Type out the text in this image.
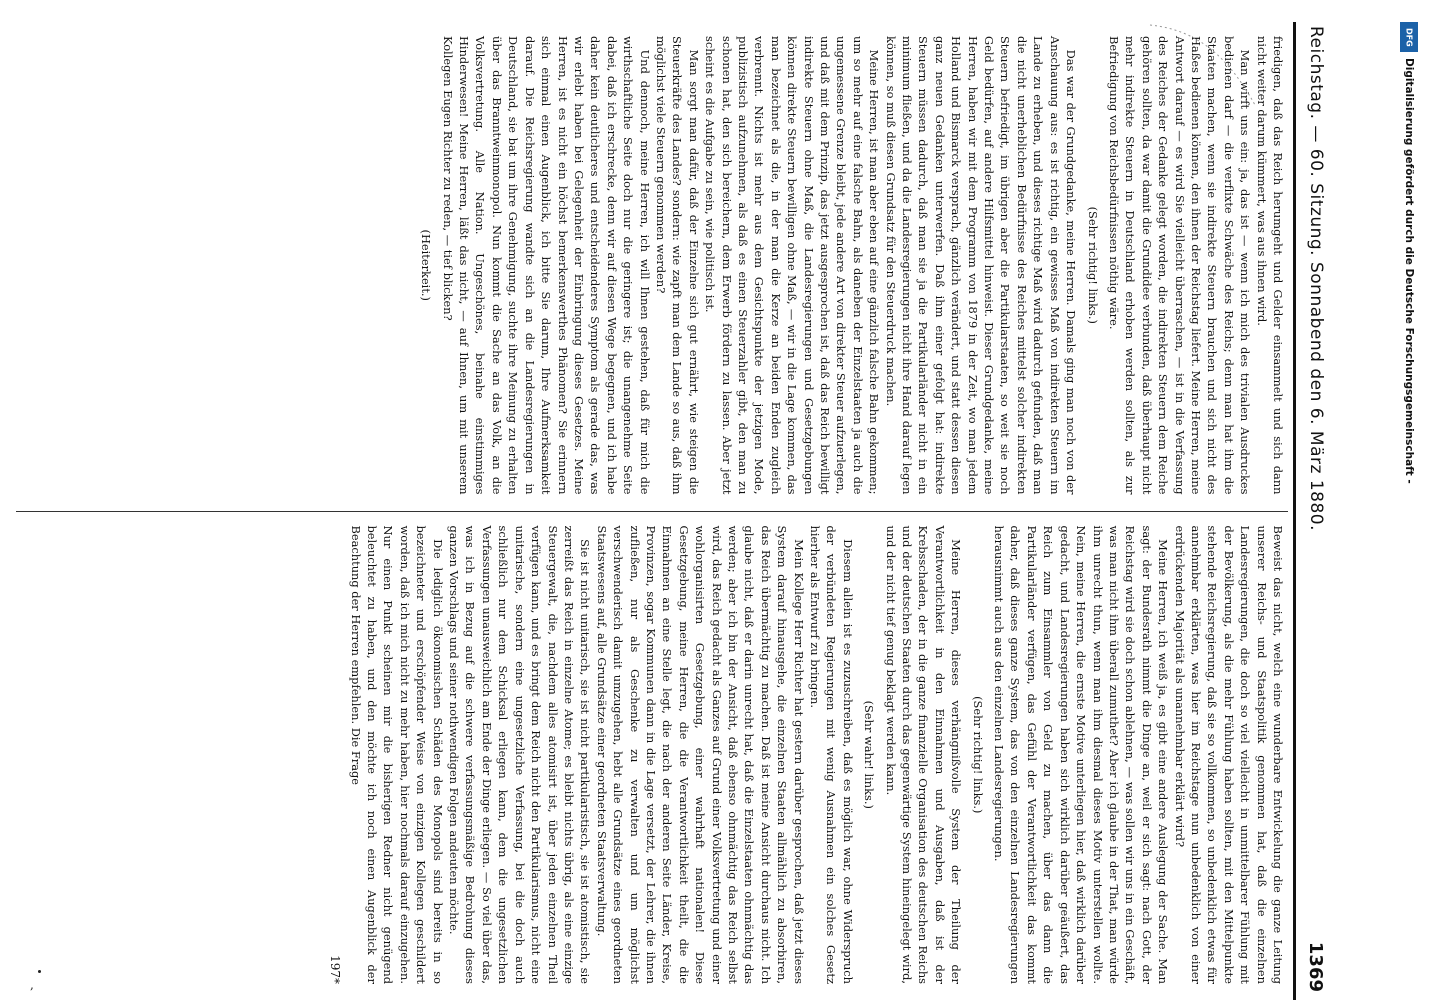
Reichstag. — 60. Sitzung. Sonnabend den 6. März 1880.
1369

friedigen, daß das Reich herumgeht und Gelder einsammelt und sich dann nicht weiter darum kümmert, was aus ihnen wird.

Man wirft uns ein: ja, das ist — wenn ich mich des trivialen Ausdruckes bedienen darf — die verflixte Schwäche des Reichs; denn man hat ihm die Staaten machen, wenn sie indirekte Steuern brauchen und sich nicht des Haßes bedienen können, den ihnen der Reichstag liefert. Meine Herren, meine Antwort darauf — es wird Sie vielleicht überraschen, — ist in die Verfassung des Reiches der Gedanke gelegt worden, die indirekten Steuern dem Reiche gehören sollten, da war damit die Grundidee verbunden, daß überhaupt nicht mehr indirekte Steuern in Deutschland erhoben werden sollten, als zur Befriedigung von Reichsbedürfnissen nöthig wäre.

(Sehr richtig! links.)

Das war der Grundgedanke, meine Herren. Damals ging man noch von der Anschauung aus: es ist richtig, ein gewisses Maß von indirekten Steuern im Lande zu erheben, und dieses richtige Maß wird dadurch gefunden, daß man die nicht unerheblichen Bedürfnisse des Reiches mittelst solcher indirekten Steuern befriedigt, im übrigen aber die Partikularstaaten, so weit sie noch Geld bedürfen, auf andere Hilfsmittel hinweist. Dieser Grundgedanke, meine Herren, haben wir mit dem Programm von 1879 in der Zeit, wo man jedem Holland und Bismarck versprach, gänzlich verändert, und statt dessen diesen ganz neuen Gedanken unterwerfen. Daß ihm einer gefolgt hat: indirekte Steuern müssen dadurch, daß man sie ja die Partikularländer nicht in ein minimum fließen, und da die Landesregierungen nicht ihre Hand darauf legen können, so muß diesen Grundsatz für den Steuerdruck machen.

Meine Herren, ist man aber eben auf eine gänzlich falsche Bahn gekommen; um so mehr auf eine falsche Bahn, als daneben der Einzelstaaten ja auch die ungemessene Grenze bleibt, jede andere Art von direkter Steuer aufzuerlegen, und daß mit dem Prinzip, das jetzt ausgesprochen ist, daß das Reich bewilligt indirekte Steuern ohne Maß, die Landesregierungen und Gesetzgebungen können direkte Steuern bewilligen ohne Maß, — wir in die Lage kommen, das man bezeichnet als die, in der man die Kerze an beiden Enden zugleich verbrennt. Nichts ist mehr aus dem Gesichtspunkte der jetzigen Mode, publizistisch aufzunehmen, als daß es einen Steuerzahler gibt, den man zu schonen hat, den sich bereichern, dem Erwerb fördern zu lassen. Aber jetzt scheint es die Aufgabe zu sein, wie politisch ist.

Man sorgt man dafür, daß der Einzelne sich gut ernährt, wie steigen die Steuerkräfte des Landes? sondern: wie zapft man dem Lande so aus, daß ihm möglichst viele Steuern genommen werden?

Und dennoch, meine Herren, ich will Ihnen gestehen, daß für mich die wirthschaftliche Seite doch nur die geringere ist; die unangenehme Seite dabei, daß ich erschrecke, denn wir auf diesen Wege begegnen, und ich habe daher kein deutlicheres und entscheidenderes Symptom als gerade das, was wir erlebt haben bei Gelegenheit der Einbringung dieses Gesetzes. Meine Herren, ist es nicht ein höchst bemerkenswerthes Phänomen? Sie erinnern sich einmal einen Augenblick, ich bitte Sie darum, Ihre Aufmerksamkeit darauf. Die Reichsregierung wandte sich an die Landesregierungen in Deutschland, sie bat um ihre Genehmigung, suchte ihre Meinung zu erhalten über das Branntweinmonopol. Nun kommt die Sache an das Volk, an die Volksvertretung. Alle Nation. Ungeschönes, beinahe einstimmiges Hinderwesen! Meine Herren, läßt das nicht, — auf Ihnen, um mit unserem Kollegen Eugen Richter zu reden, — tief blicken?

(Heiterkeit.)

Beweist das nicht, welch eine wunderbare Entwickelung die ganze Leitung unserer Reichs- und Staatspolitik genommen hat, daß die einzelnen Landesregierungen, die doch so viel vielleicht in unmittelbarer Fühlung mit der Bevölkerung, als die mehr Fühlung haben sollten, mit den Mittelpunkte stehende Reichsregierung, daß sie so vollkommen, so unbedenklich etwas für annehmbar erklärten, was hier im Reichstage nun unbedenklich von einer erdrückenden Majorität als unannehmbar erklärt wird?

Meine Herren, ich weiß ja, es gibt eine andere Auslegung der Sache. Man sagt: der Bundesrath nimmt die Dinge an, weil er sich sagt: nach Gott, der Reichstag wird sie doch schon ablehnen, — was sollen wir uns in ein Geschäft, was man nicht ihm überall zumuthet? Aber ich glaube in der That, man würde ihm unrecht thun, wenn man ihm diesmal dieses Motiv unterstellen wollte. Nein, meine Herren, die ernste Motive unterliegen hier, daß wirklich darüber gedacht, und Landesregierungen haben sich wirklich darüber geäußert, das Reich zum Einsammler von Geld zu machen, über das dann die Partikularländer verfügen, das Gefühl der Verantwortlichkeit das kommt daher, daß dieses ganze System, das von den einzelnen Landesregierungen herausnimmt auch aus den einzelnen Landesregierungen.

(Sehr richtig! links.)

Meine Herren, dieses verhängnißvolle System der Theilung der Verantwortlichkeit in den Einnahmen und Ausgaben, daß ist der Krebsschaden, der in die ganze finanzielle Organisation des deutschen Reichs und der deutschen Staaten durch das gegenwärtige System hineingelegt wird, und der nicht tief genug beklagt werden kann.

(Sehr wahr! links.)

Diesem allein ist es zuzuschreiben, daß es möglich war, ohne Widerspruch der verbündeten Regierungen mit wenig Ausnahmen ein solches Gesetz hierher als Entwurf zu bringen.

Mein Kollege Herr Richter hat gestern darüber gesprochen, daß jetzt dieses System darauf hinausgehe, die einzelnen Staaten allmählich zu absorbiren, das Reich übermächtig zu machen. Daß ist meine Ansicht durchaus nicht. Ich glaube nicht, daß er darin unrecht hat, daß die Einzelstaaten ohnmächtig das werden; aber ich bin der Ansicht, daß ebenso ohnmächtig das Reich selbst wird, das Reich gedacht als Ganzes auf Grund einer Volksvertretung und einer wohlorganisirten Gesetzgebung, einer wahrhaft nationalen! Diese Gesetzgebung, meine Herren, die die Verantwortlichkeit theilt, die die Einnahmen an eine Stelle legt, die nach der anderen Seite Länder, Kreise, Provinzen, sogar Kommunen dann in die Lage versetzt, der Lehrer, die ihnen zufließen, nur als Geschenke zu verwalten und um möglichst verschwenderisch damit umzugehen, hebt alle Grundsätze eines geordneten Staatswesens auf, alle Grundsätze einer geordneten Staatsverwaltung.

Sie ist nicht unitarisch, sie ist nicht partikularistisch, sie ist atomistisch, sie zerreißt das Reich in einzelne Atome; es bleibt nichts übrig, als eine einzige Steuergewalt, die, nachdem alles atomisirt ist, über jeden einzelnen Theil verfügen kann, und es bringt dem Reich nicht den Partikularismus, nicht eine unitarische, sondern eine ungesetzliche Verfassung, bei die doch auch schließlich nur dem Schicksal erliegen kann, dem die ungesetzlichen Verfassungen unausweichlich am Ende der Dinge erliegen. — So viel über das, was ich in Bezug auf die schwere verfassungsmäßige Bedrohung dieses ganzen Vorschlags und seiner nothwendigen Folgen andeuten möchte.

Die lediglich ökonomischen Schäden des Monopols sind bereits in so bezeichneter und erschöpfender Weise von einzigen Kollegen geschildert worden, daß ich mich nicht zu mehr haben, hier nochmals darauf einzugehen. Nur einen Punkt scheinen mir die bisherigen Redner nicht genügend beleuchtet zu haben, und den möchte ich noch einen Augenblick der Beachtung der Herren empfehlen. Die Frage

197*
DFG
Digitalisierung gefördert durch die Deutsche Forschungsgemeinschaft -
,
